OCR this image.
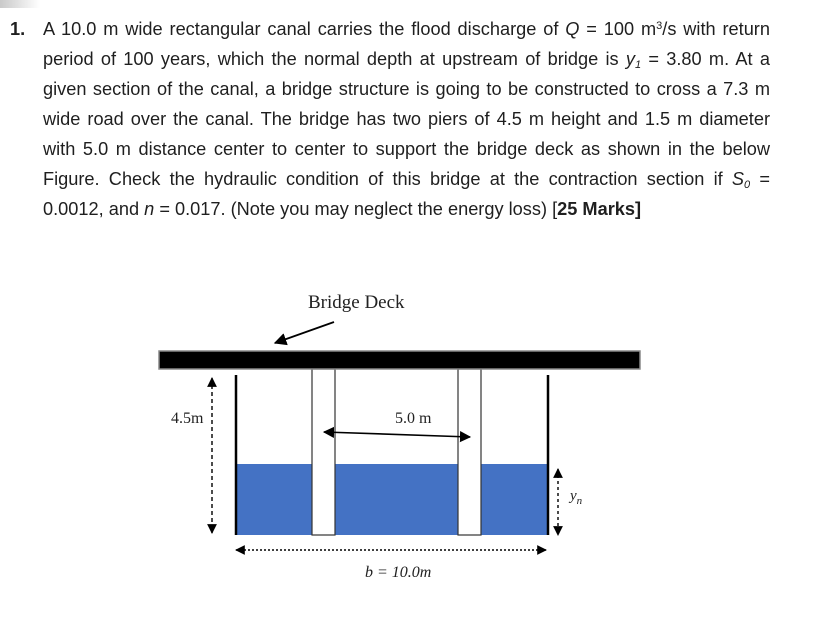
1. A 10.0 m wide rectangular canal carries the flood discharge of Q = 100 $m^3/s$ with return period of 100 years, which the normal depth at upstream of bridge is $y_1 = 3.80$ m. At a given section of the canal, a bridge structure is going to be constructed to cross a 7.3 m wide road over the canal. The bridge has two piers of 4.5 m height and 1.5 m diameter with 5.0 m distance center to center to support the bridge deck as shown in the below Figure. Check the hydraulic condition of this bridge at the contraction section if $S_0 = 0.0012$, and n = 0.017. (Note you may neglect the energy loss) [25 Marks]
Bridge Deck
4.5m	5.0 m
$y_n$
b = 10.0m
